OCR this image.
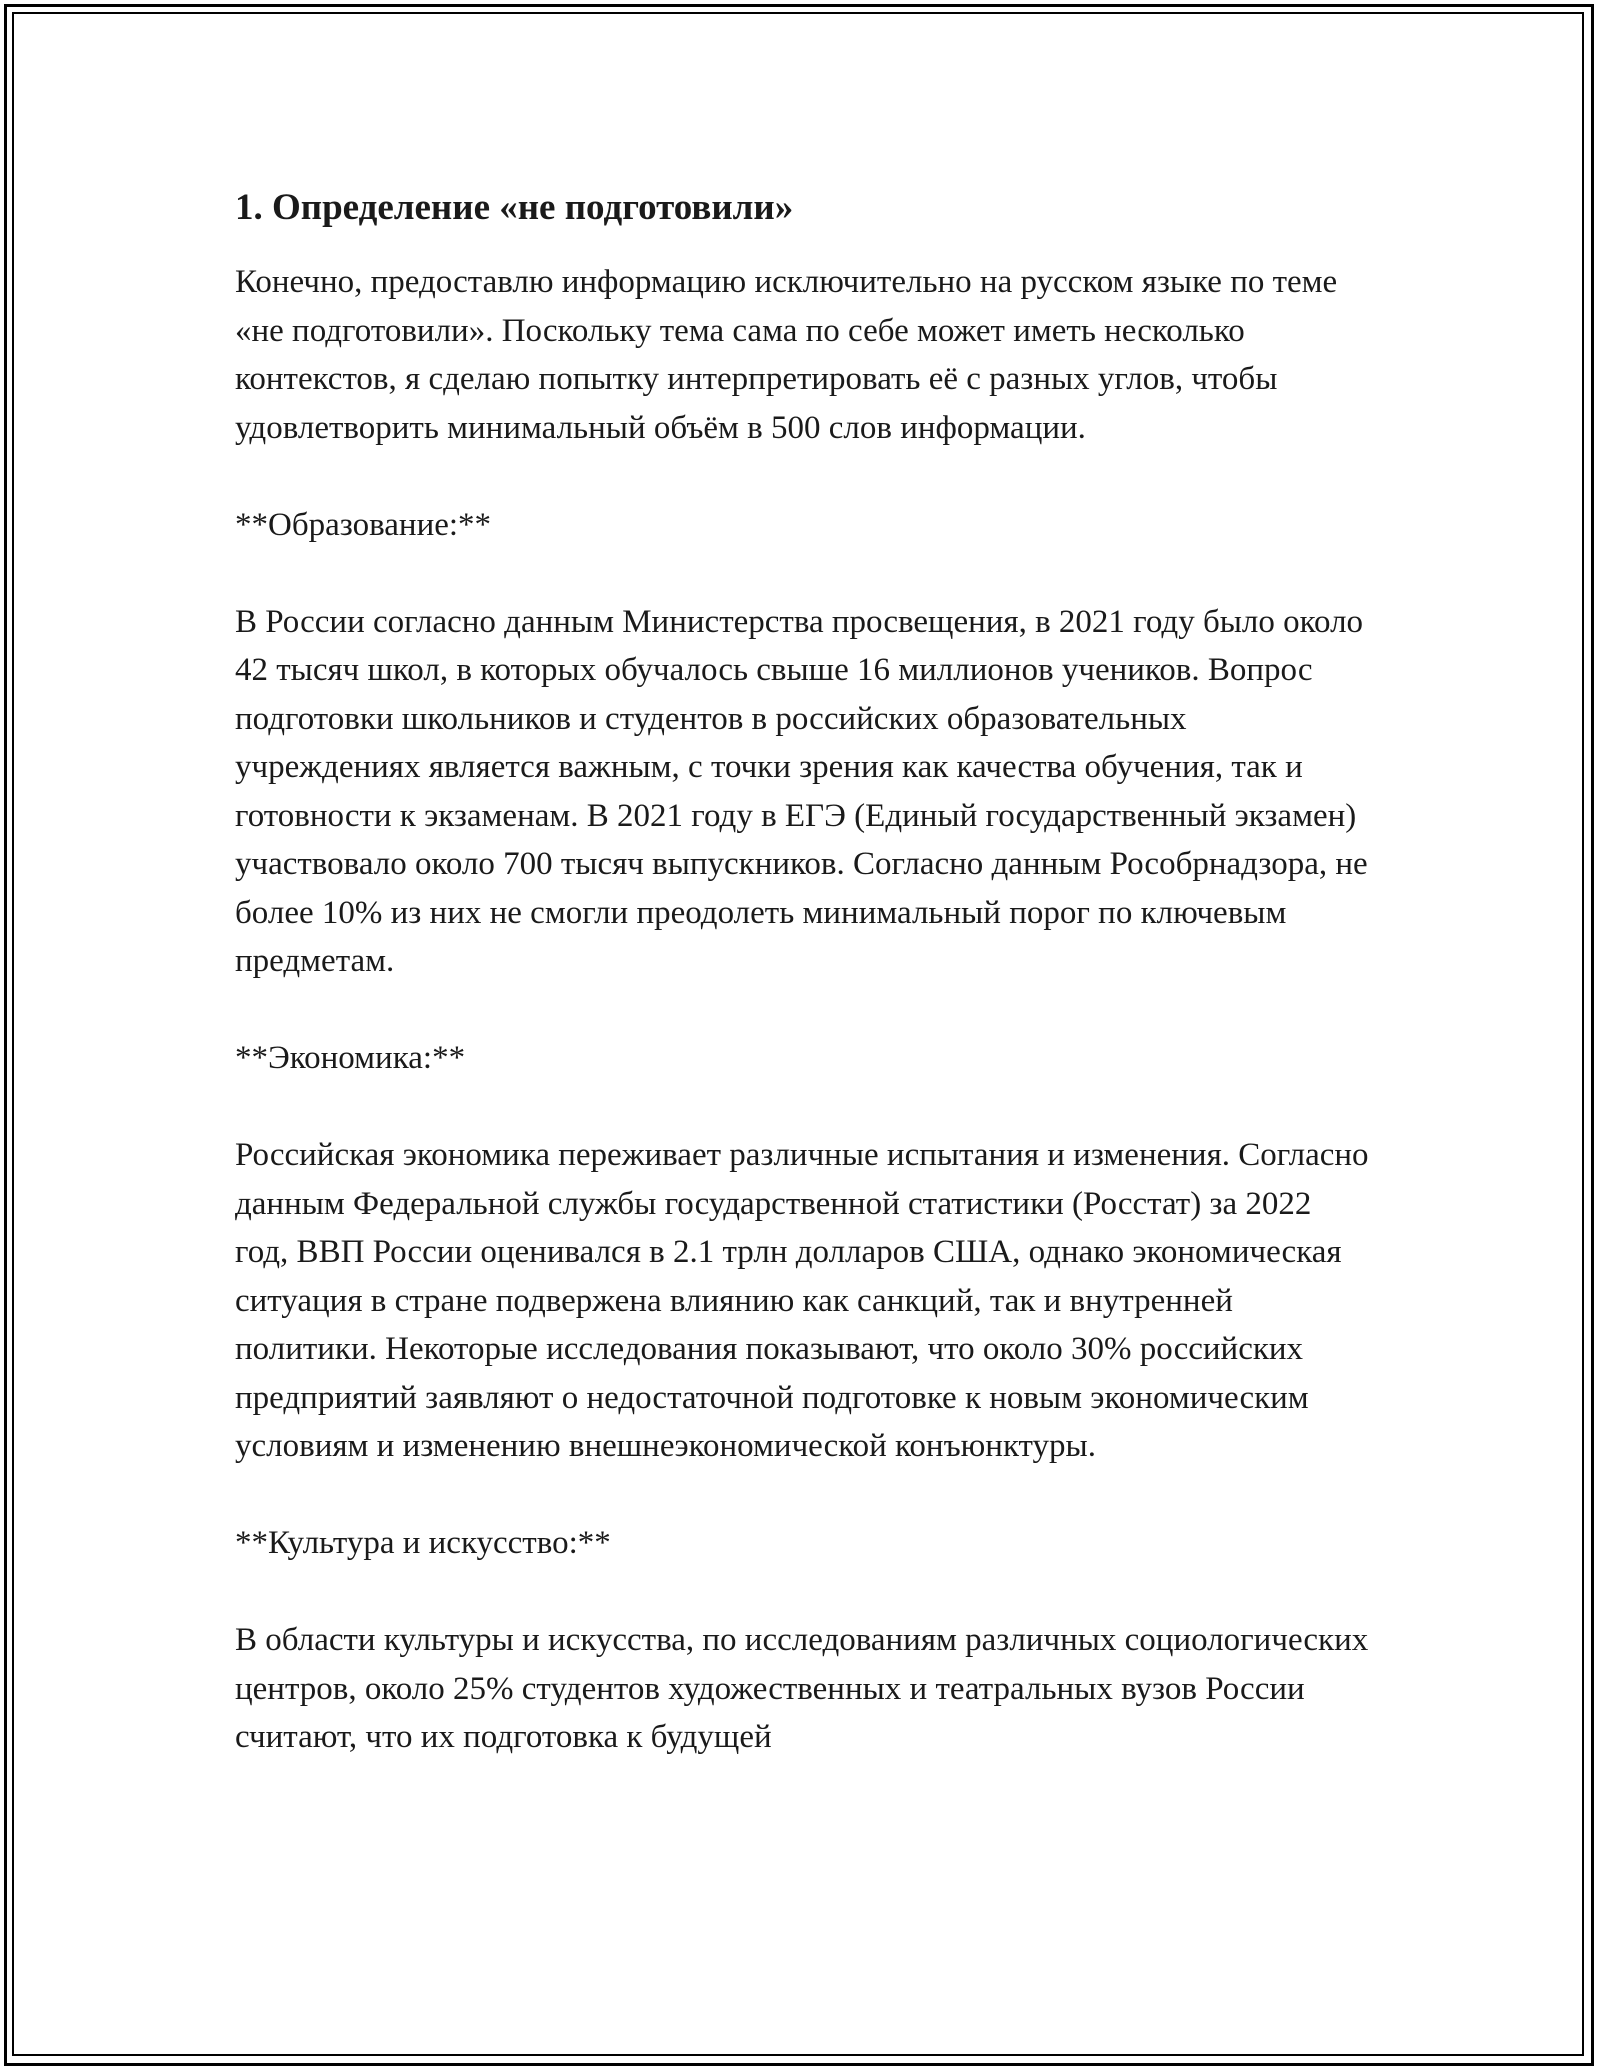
1. Определение «не подготовили»

Конечно, предоставлю информацию исключительно на русском языке по теме «не подготовили». Поскольку тема сама по себе может иметь несколько контекстов, я сделаю попытку интерпретировать её с разных углов, чтобы удовлетворить минимальный объём в 500 слов информации.

**Образование:**

В России согласно данным Министерства просвещения, в 2021 году было около 42 тысяч школ, в которых обучалось свыше 16 миллионов учеников. Вопрос подготовки школьников и студентов в российских образовательных учреждениях является важным, с точки зрения как качества обучения, так и готовности к экзаменам. В 2021 году в ЕГЭ (Единый государственный экзамен) участвовало около 700 тысяч выпускников. Согласно данным Рособрнадзора, не более 10% из них не смогли преодолеть минимальный порог по ключевым предметам.

**Экономика:**

Российская экономика переживает различные испытания и изменения. Согласно данным Федеральной службы государственной статистики (Росстат) за 2022 год, ВВП России оценивался в 2.1 трлн долларов США, однако экономическая ситуация в стране подвержена влиянию как санкций, так и внутренней политики. Некоторые исследования показывают, что около 30% российских предприятий заявляют о недостаточной подготовке к новым экономическим условиям и изменению внешнеэкономической конъюнктуры.

**Культура и искусство:**

В области культуры и искусства, по исследованиям различных социологических центров, около 25% студентов художественных и театральных вузов России считают, что их подготовка к будущей
